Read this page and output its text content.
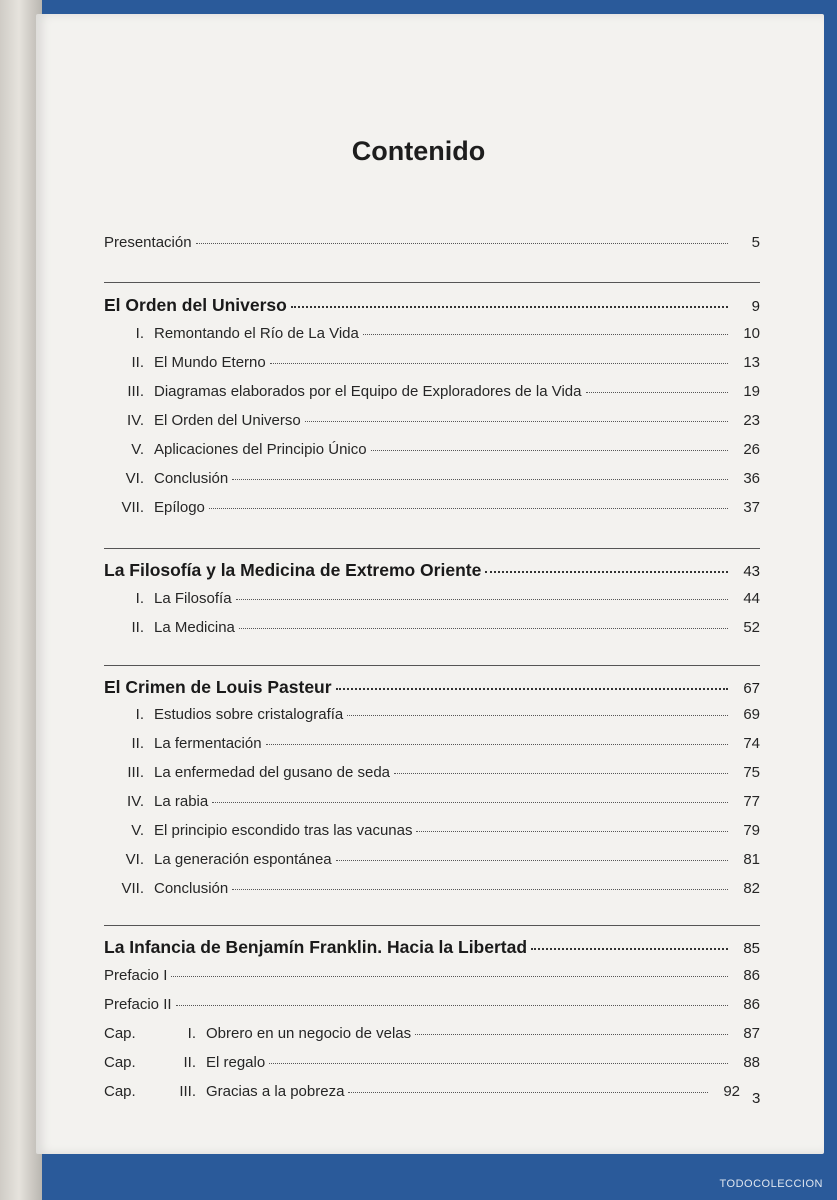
Contenido
Presentación	5
El Orden del Universo	9
I. Remontando el Río de La Vida	10
II. El Mundo Eterno	13
III. Diagramas elaborados por el Equipo de Exploradores de la Vida	19
IV. El Orden del Universo	23
V. Aplicaciones del Principio Único	26
VI. Conclusión	36
VII. Epílogo	37
La Filosofía y la Medicina de Extremo Oriente	43
I. La Filosofía	44
II. La Medicina	52
El Crimen de Louis Pasteur	67
I. Estudios sobre cristalografía	69
II. La fermentación	74
III. La enfermedad del gusano de seda	75
IV. La rabia	77
V. El principio escondido tras las vacunas	79
VI. La generación espontánea	81
VII. Conclusión	82
La Infancia de Benjamín Franklin. Hacia la Libertad	85
Prefacio I	86
Prefacio II	86
Cap.	I. Obrero en un negocio de velas	87
Cap.	II. El regalo	88
Cap.	III. Gracias a la pobreza	92 3
TODOCOLECCION
